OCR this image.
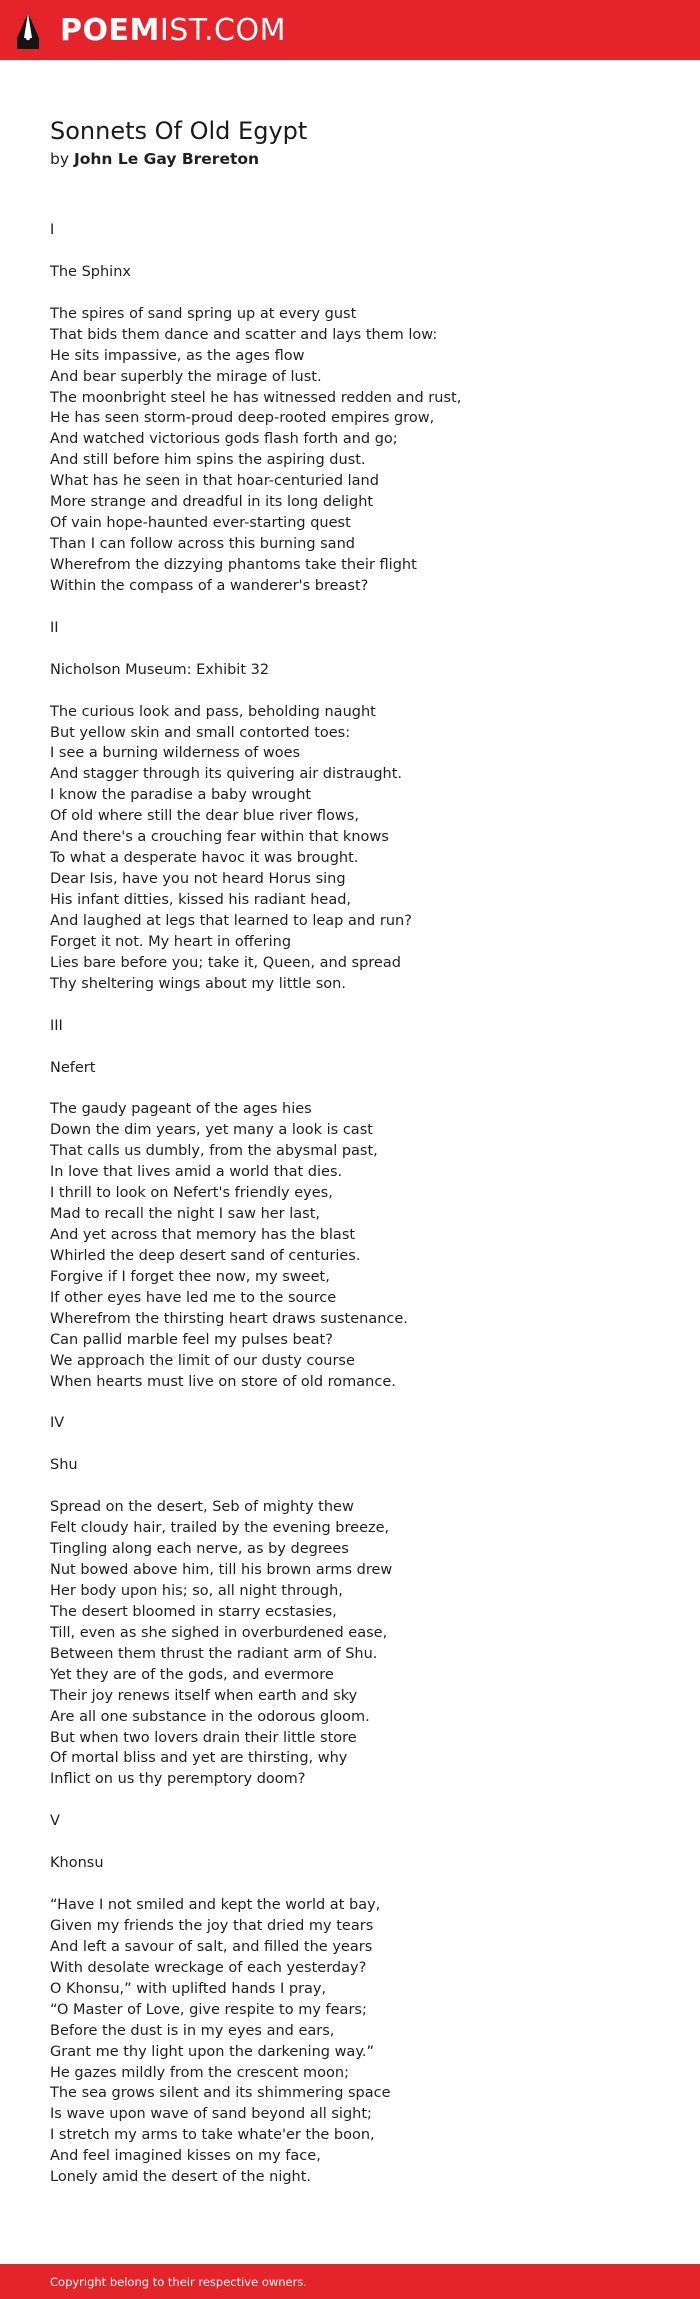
POEMIST.COM
Sonnets Of Old Egypt
by John Le Gay Brereton
I
The Sphinx
The spires of sand spring up at every gust
That bids them dance and scatter and lays them low:
He sits impassive, as the ages flow
And bear superbly the mirage of lust.
The moonbright steel he has witnessed redden and rust,
He has seen storm-proud deep-rooted empires grow,
And watched victorious gods flash forth and go;
And still before him spins the aspiring dust.
What has he seen in that hoar-centuried land
More strange and dreadful in its long delight
Of vain hope-haunted ever-starting quest
Than I can follow across this burning sand
Wherefrom the dizzying phantoms take their flight
Within the compass of a wanderer's breast?
II
Nicholson Museum: Exhibit 32
The curious look and pass, beholding naught
But yellow skin and small contorted toes:
I see a burning wilderness of woes
And stagger through its quivering air distraught.
I know the paradise a baby wrought
Of old where still the dear blue river flows,
And there's a crouching fear within that knows
To what a desperate havoc it was brought.
Dear Isis, have you not heard Horus sing
His infant ditties, kissed his radiant head,
And laughed at legs that learned to leap and run?
Forget it not. My heart in offering
Lies bare before you; take it, Queen, and spread
Thy sheltering wings about my little son.
III
Nefert
The gaudy pageant of the ages hies
Down the dim years, yet many a look is cast
That calls us dumbly, from the abysmal past,
In love that lives amid a world that dies.
I thrill to look on Nefert's friendly eyes,
Mad to recall the night I saw her last,
And yet across that memory has the blast
Whirled the deep desert sand of centuries.
Forgive if I forget thee now, my sweet,
If other eyes have led me to the source
Wherefrom the thirsting heart draws sustenance.
Can pallid marble feel my pulses beat?
We approach the limit of our dusty course
When hearts must live on store of old romance.
IV
Shu
Spread on the desert, Seb of mighty thew
Felt cloudy hair, trailed by the evening breeze,
Tingling along each nerve, as by degrees
Nut bowed above him, till his brown arms drew
Her body upon his; so, all night through,
The desert bloomed in starry ecstasies,
Till, even as she sighed in overburdened ease,
Between them thrust the radiant arm of Shu.
Yet they are of the gods, and evermore
Their joy renews itself when earth and sky
Are all one substance in the odorous gloom.
But when two lovers drain their little store
Of mortal bliss and yet are thirsting, why
Inflict on us thy peremptory doom?
V
Khonsu
“Have I not smiled and kept the world at bay,
Given my friends the joy that dried my tears
And left a savour of salt, and filled the years
With desolate wreckage of each yesterday?
O Khonsu,” with uplifted hands I pray,
“O Master of Love, give respite to my fears;
Before the dust is in my eyes and ears,
Grant me thy light upon the darkening way.”
He gazes mildly from the crescent moon;
The sea grows silent and its shimmering space
Is wave upon wave of sand beyond all sight;
I stretch my arms to take whate'er the boon,
And feel imagined kisses on my face,
Lonely amid the desert of the night.
Copyright belong to their respective owners.
